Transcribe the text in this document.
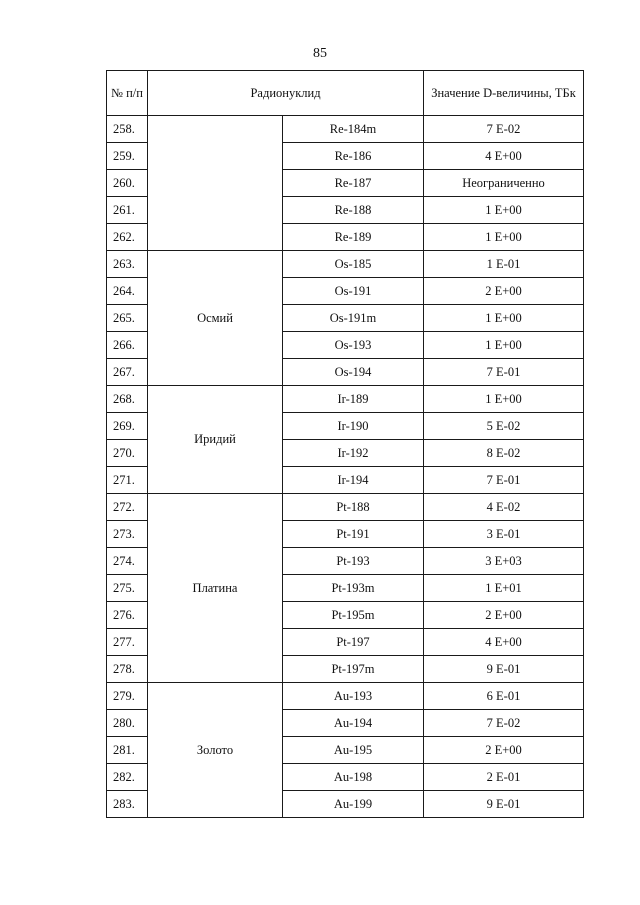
85
№ п/п	Радионуклид		Значение D-величины, ТБк
258.		Re-184m	7 E-02
259.		Re-186	4 E+00
260.		Re-187	Неограниченно
261.		Re-188	1 E+00
262.		Re-189	1 E+00
263.	Осмий	Os-185	1 E-01
264.		Os-191	2 E+00
265.		Os-191m	1 E+00
266.		Os-193	1 E+00
267.		Os-194	7 E-01
268.	Иридий	Ir-189	1 E+00
269.		Ir-190	5 E-02
270.		Ir-192	8 E-02
271.		Ir-194	7 E-01
272.	Платина	Pt-188	4 E-02
273.		Pt-191	3 E-01
274.		Pt-193	3 E+03
275.		Pt-193m	1 E+01
276.		Pt-195m	2 E+00
277.		Pt-197	4 E+00
278.		Pt-197m	9 E-01
279.	Золото	Au-193	6 E-01
280.		Au-194	7 E-02
281.		Au-195	2 E+00
282.		Au-198	2 E-01
283.		Au-199	9 E-01
